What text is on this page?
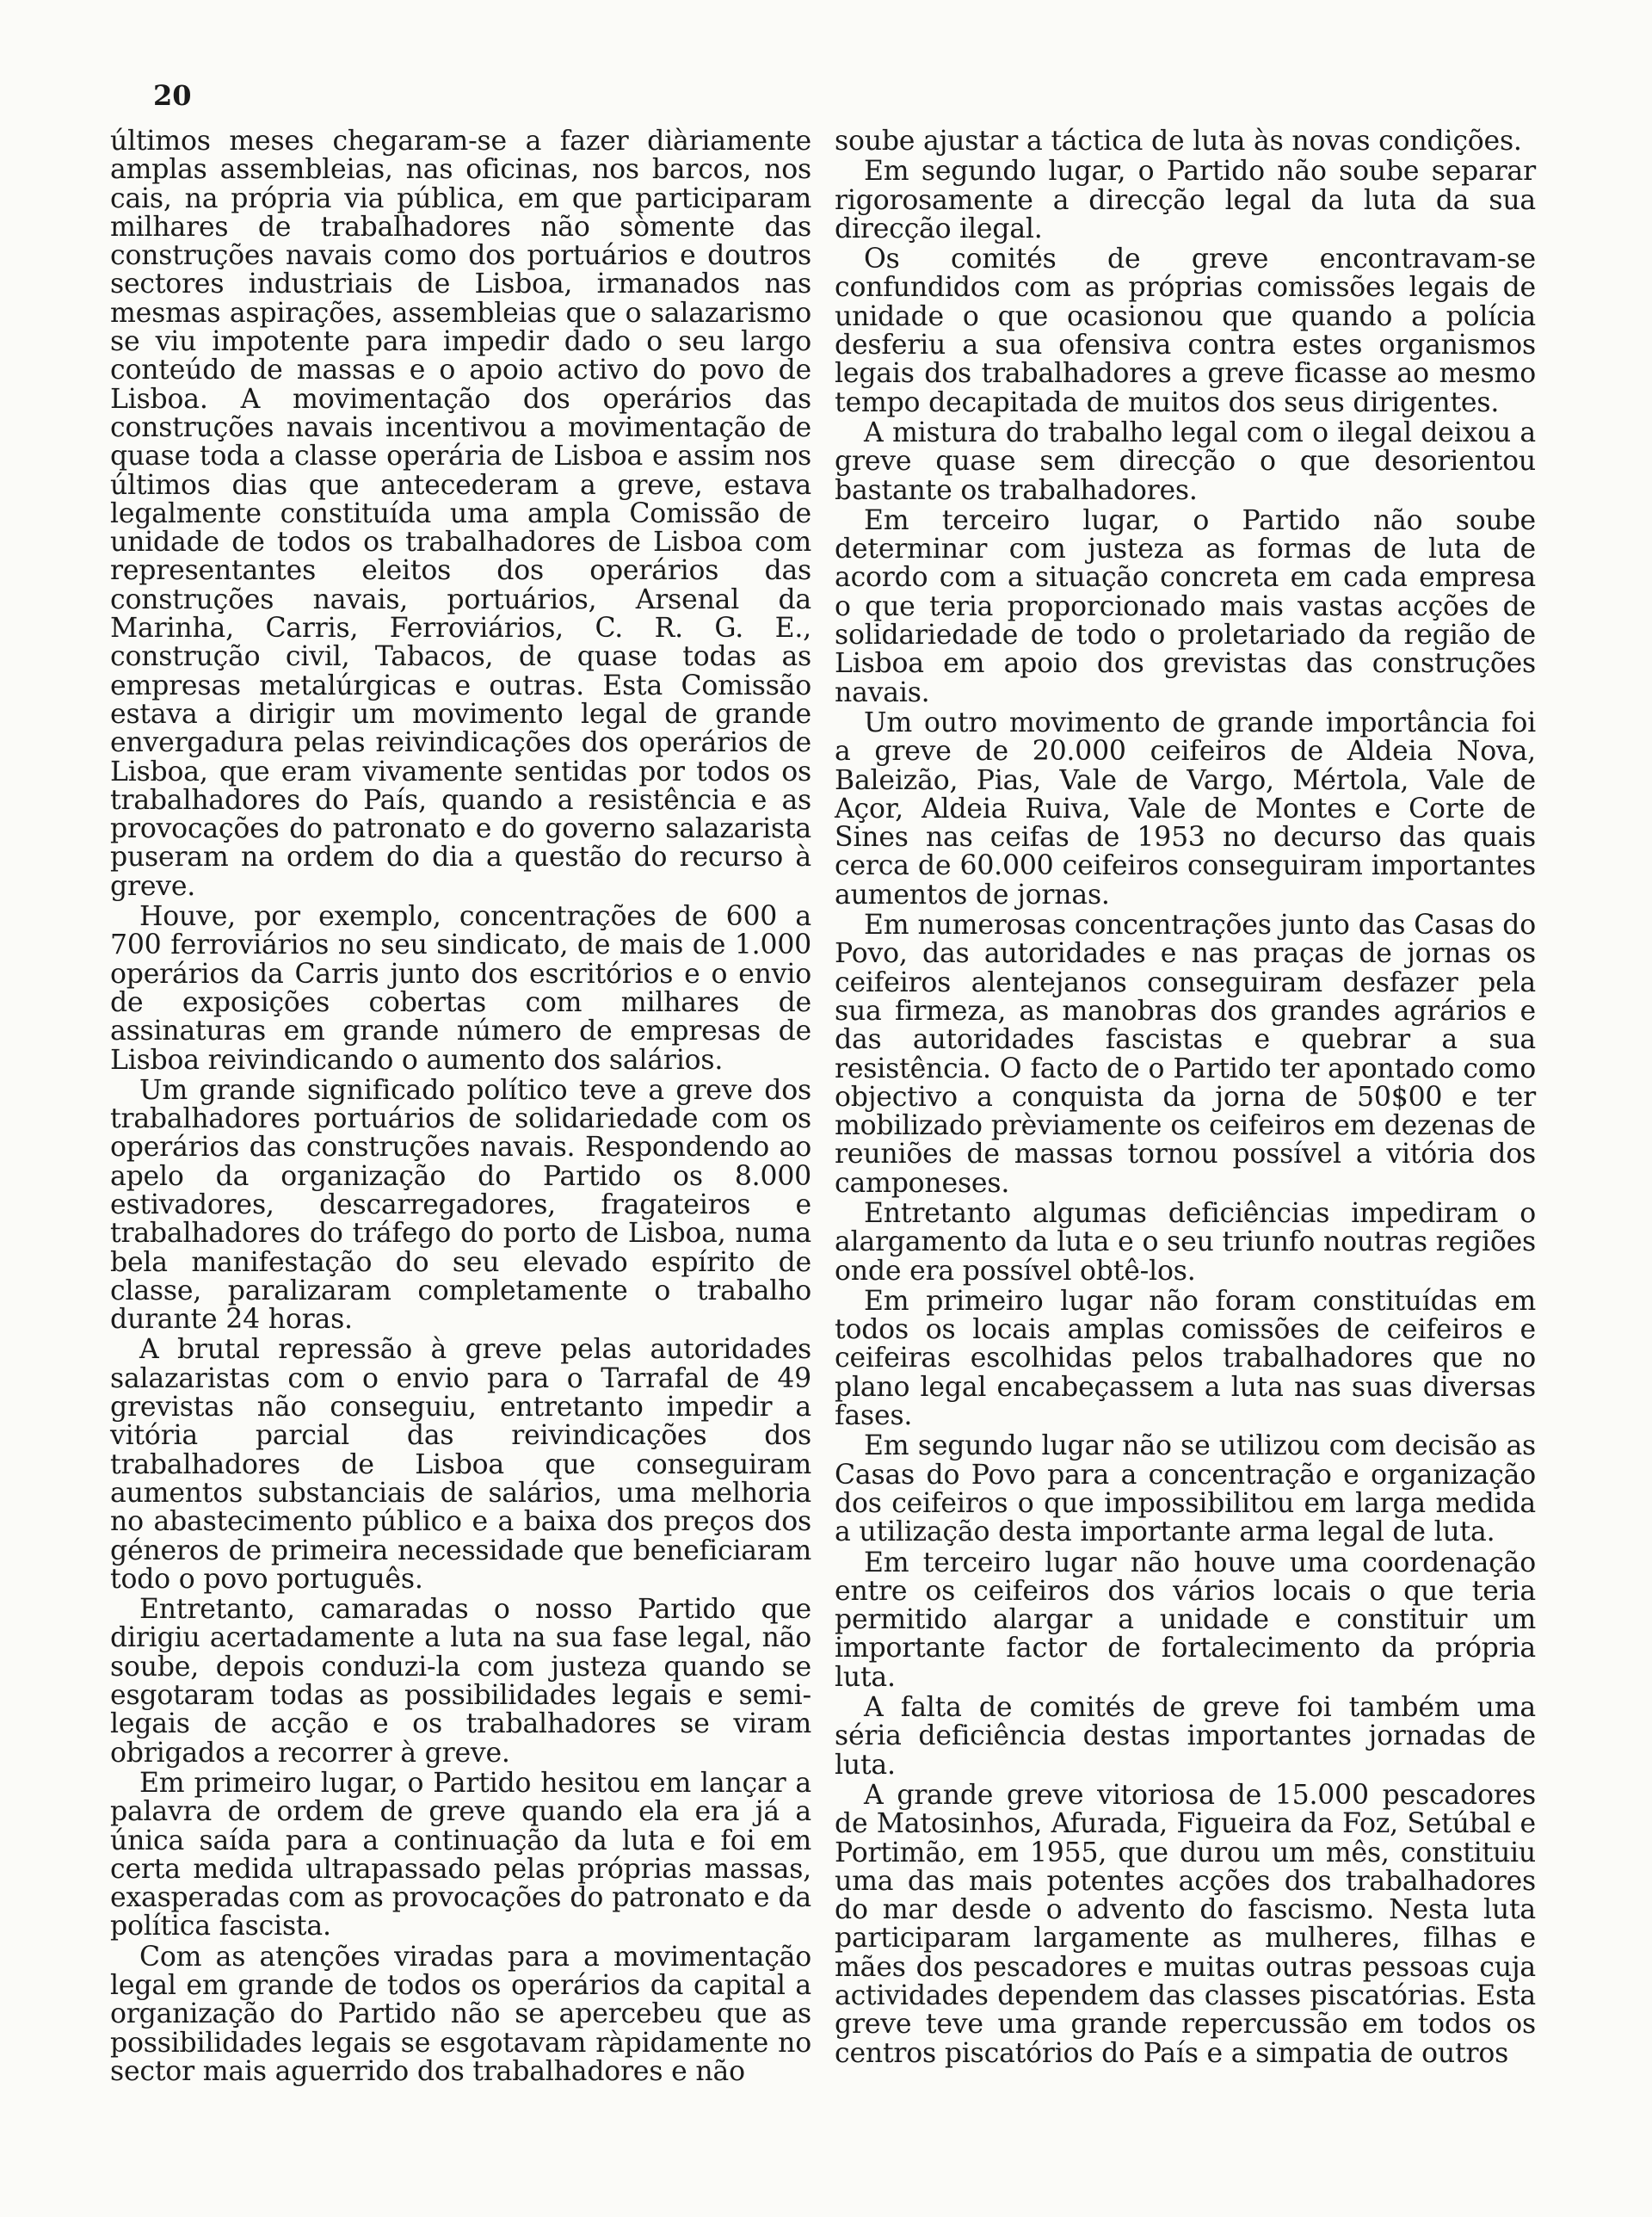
20

últimos meses chegaram-se a fazer diàriamente amplas assembleias, nas oficinas, nos barcos, nos cais, na própria via pública, em que participaram milhares de trabalhadores não sòmente das construções navais como dos portuários e doutros sectores industriais de Lisboa, irmanados nas mesmas aspirações, assembleias que o salazarismo se viu impotente para impedir dado o seu largo conteúdo de massas e o apoio activo do povo de Lisboa. A movimentação dos operários das construções navais incentivou a movimentação de quase toda a classe operária de Lisboa e assim nos últimos dias que antecederam a greve, estava legalmente constituída uma ampla Comissão de unidade de todos os trabalhadores de Lisboa com representantes eleitos dos operários das construções navais, portuários, Arsenal da Marinha, Carris, Ferroviários, C. R. G. E., construção civil, Tabacos, de quase todas as empresas metalúrgicas e outras. Esta Comissão estava a dirigir um movimento legal de grande envergadura pelas reivindicações dos operários de Lisboa, que eram vivamente sentidas por todos os trabalhadores do País, quando a resistência e as provocações do patronato e do governo salazarista puseram na ordem do dia a questão do recurso à greve.

Houve, por exemplo, concentrações de 600 a 700 ferroviários no seu sindicato, de mais de 1.000 operários da Carris junto dos escritórios e o envio de exposições cobertas com milhares de assinaturas em grande número de empresas de Lisboa reivindicando o aumento dos salários.

Um grande significado político teve a greve dos trabalhadores portuários de solidariedade com os operários das construções navais. Respondendo ao apelo da organização do Partido os 8.000 estivadores, descarregadores, fragateiros e trabalhadores do tráfego do porto de Lisboa, numa bela manifestação do seu elevado espírito de classe, paralizaram completamente o trabalho durante 24 horas.

A brutal repressão à greve pelas autoridades salazaristas com o envio para o Tarrafal de 49 grevistas não conseguiu, entretanto impedir a vitória parcial das reivindicações dos trabalhadores de Lisboa que conseguiram aumentos substanciais de salários, uma melhoria no abastecimento público e a baixa dos preços dos géneros de primeira necessidade que beneficiaram todo o povo português.

Entretanto, camaradas o nosso Partido que dirigiu acertadamente a luta na sua fase legal, não soube, depois conduzi-la com justeza quando se esgotaram todas as possibilidades legais e semi-legais de acção e os trabalhadores se viram obrigados a recorrer à greve.

Em primeiro lugar, o Partido hesitou em lançar a palavra de ordem de greve quando ela era já a única saída para a continuação da luta e foi em certa medida ultrapassado pelas próprias massas, exasperadas com as provocações do patronato e da política fascista.

Com as atenções viradas para a movimentação legal em grande de todos os operários da capital a organização do Partido não se apercebeu que as possibilidades legais se esgotavam ràpidamente no sector mais aguerrido dos trabalhadores e não

soube ajustar a táctica de luta às novas condições.

Em segundo lugar, o Partido não soube separar rigorosamente a direcção legal da luta da sua direcção ilegal.

Os comités de greve encontravam-se confundidos com as próprias comissões legais de unidade o que ocasionou que quando a polícia desferiu a sua ofensiva contra estes organismos legais dos trabalhadores a greve ficasse ao mesmo tempo decapitada de muitos dos seus dirigentes.

A mistura do trabalho legal com o ilegal deixou a greve quase sem direcção o que desorientou bastante os trabalhadores.

Em terceiro lugar, o Partido não soube determinar com justeza as formas de luta de acordo com a situação concreta em cada empresa o que teria proporcionado mais vastas acções de solidariedade de todo o proletariado da região de Lisboa em apoio dos grevistas das construções navais.

Um outro movimento de grande importância foi a greve de 20.000 ceifeiros de Aldeia Nova, Baleizão, Pias, Vale de Vargo, Mértola, Vale de Açor, Aldeia Ruiva, Vale de Montes e Corte de Sines nas ceifas de 1953 no decurso das quais cerca de 60.000 ceifeiros conseguiram importantes aumentos de jornas.

Em numerosas concentrações junto das Casas do Povo, das autoridades e nas praças de jornas os ceifeiros alentejanos conseguiram desfazer pela sua firmeza, as manobras dos grandes agrários e das autoridades fascistas e quebrar a sua resistência. O facto de o Partido ter apontado como objectivo a conquista da jorna de 50$00 e ter mobilizado prèviamente os ceifeiros em dezenas de reuniões de massas tornou possível a vitória dos camponeses.

Entretanto algumas deficiências impediram o alargamento da luta e o seu triunfo noutras regiões onde era possível obtê-los.

Em primeiro lugar não foram constituídas em todos os locais amplas comissões de ceifeiros e ceifeiras escolhidas pelos trabalhadores que no plano legal encabeçassem a luta nas suas diversas fases.

Em segundo lugar não se utilizou com decisão as Casas do Povo para a concentração e organização dos ceifeiros o que impossibilitou em larga medida a utilização desta importante arma legal de luta.

Em terceiro lugar não houve uma coordenação entre os ceifeiros dos vários locais o que teria permitido alargar a unidade e constituir um importante factor de fortalecimento da própria luta.

A falta de comités de greve foi também uma séria deficiência destas importantes jornadas de luta.

A grande greve vitoriosa de 15.000 pescadores de Matosinhos, Afurada, Figueira da Foz, Setúbal e Portimão, em 1955, que durou um mês, constituiu uma das mais potentes acções dos trabalhadores do mar desde o advento do fascismo. Nesta luta participaram largamente as mulheres, filhas e mães dos pescadores e muitas outras pessoas cuja actividades dependem das classes piscatórias. Esta greve teve uma grande repercussão em todos os centros piscatórios do País e a simpatia de outros
